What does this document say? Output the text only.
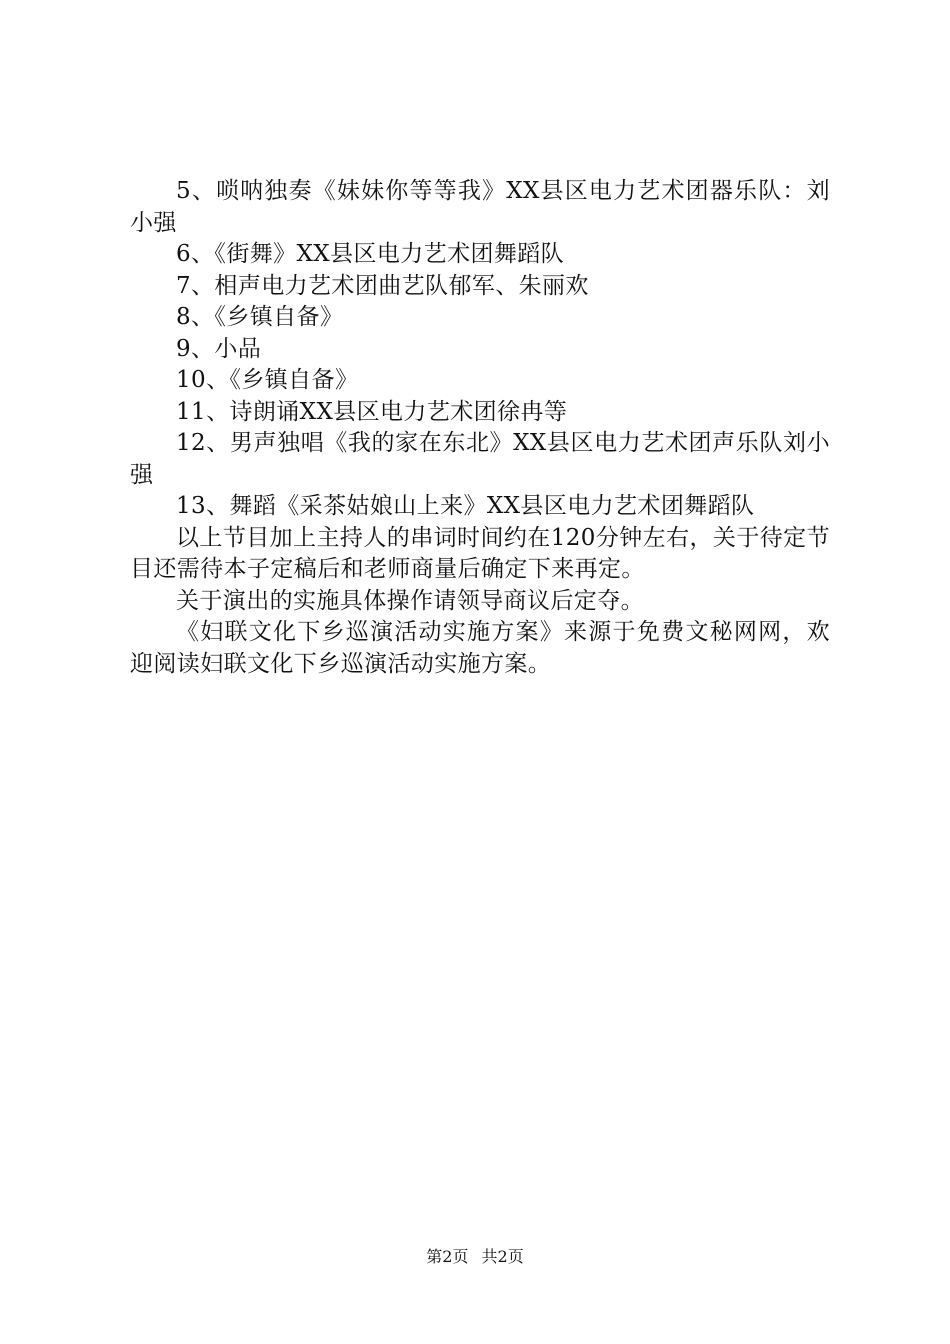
5、唢呐独奏《妹妹你等等我》XX县区电力艺术团器乐队：刘小强

6、《街舞》XX县区电力艺术团舞蹈队

7、相声电力艺术团曲艺队郁军、朱丽欢

8、《乡镇自备》

9、小品

10、《乡镇自备》

11、诗朗诵XX县区电力艺术团徐冉等

12、男声独唱《我的家在东北》XX县区电力艺术团声乐队刘小强

13、舞蹈《采茶姑娘山上来》XX县区电力艺术团舞蹈队

以上节目加上主持人的串词时间约在120分钟左右，关于待定节目还需待本子定稿后和老师商量后确定下来再定。

关于演出的实施具体操作请领导商议后定夺。

《妇联文化下乡巡演活动实施方案》来源于免费文秘网网，欢迎阅读妇联文化下乡巡演活动实施方案。

第2页 共2页
